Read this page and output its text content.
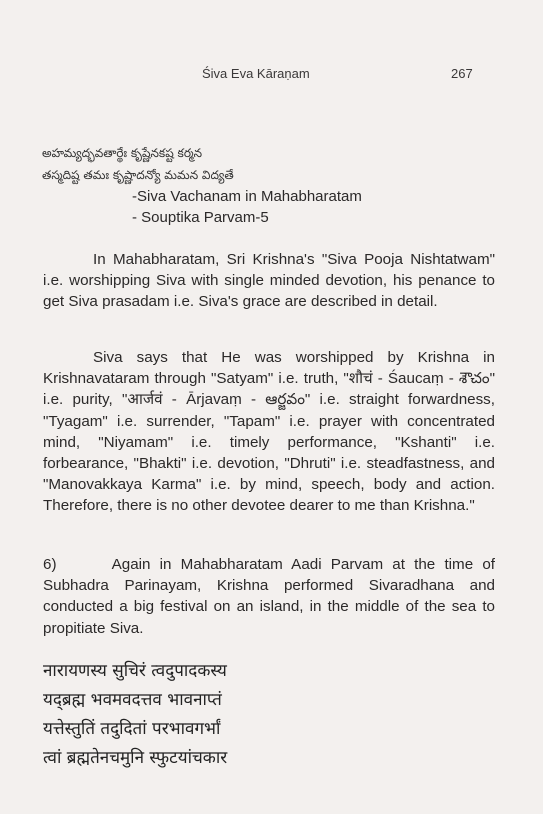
Śiva Eva Kāraṇam	267
అహమ్యద్భవతార్థేః కృష్ణేనకష్ట కర్మన
తస్మదిష్ట తమః కృష్ణాదన్యో మమన విద్యతే
-Siva Vachanam in Mahabharatam
- Souptika Parvam-5
In Mahabharatam, Sri Krishna's "Siva Pooja Nishtatwam" i.e. worshipping Siva with single minded devotion, his penance to get Siva prasadam i.e. Siva's grace are described in detail.
Siva says that He was worshipped by Krishna in Krishnavataram through "Satyam" i.e. truth, "शौचं - Śaucaṃ - శౌచం" i.e. purity, "आर्जवं - Ārjavaṃ - ఆర్జవం" i.e. straight forwardness, "Tyagam" i.e. surrender, "Tapam" i.e. prayer with concentrated mind, "Niyamam" i.e. timely performance, "Kshanti" i.e. forbearance, "Bhakti" i.e. devotion, "Dhruti" i.e. steadfastness, and "Manovakkaya Karma" i.e. by mind, speech, body and action. Therefore, there is no other devotee dearer to me than Krishna."
6)      Again in Mahabharatam Aadi Parvam at the time of Subhadra Parinayam, Krishna performed Sivaradhana and conducted a big festival on an island, in the middle of the sea to propitiate Siva.
नारायणस्य सुचिरं त्वदुपादकस्य
यद्ब्रह्म भवमवदत्तव भावनाप्तं
यत्तेस्तुतिं तदुदितां परभावगर्भां
त्वां ब्रह्मतेनचमुनि स्फुटयांचकार
